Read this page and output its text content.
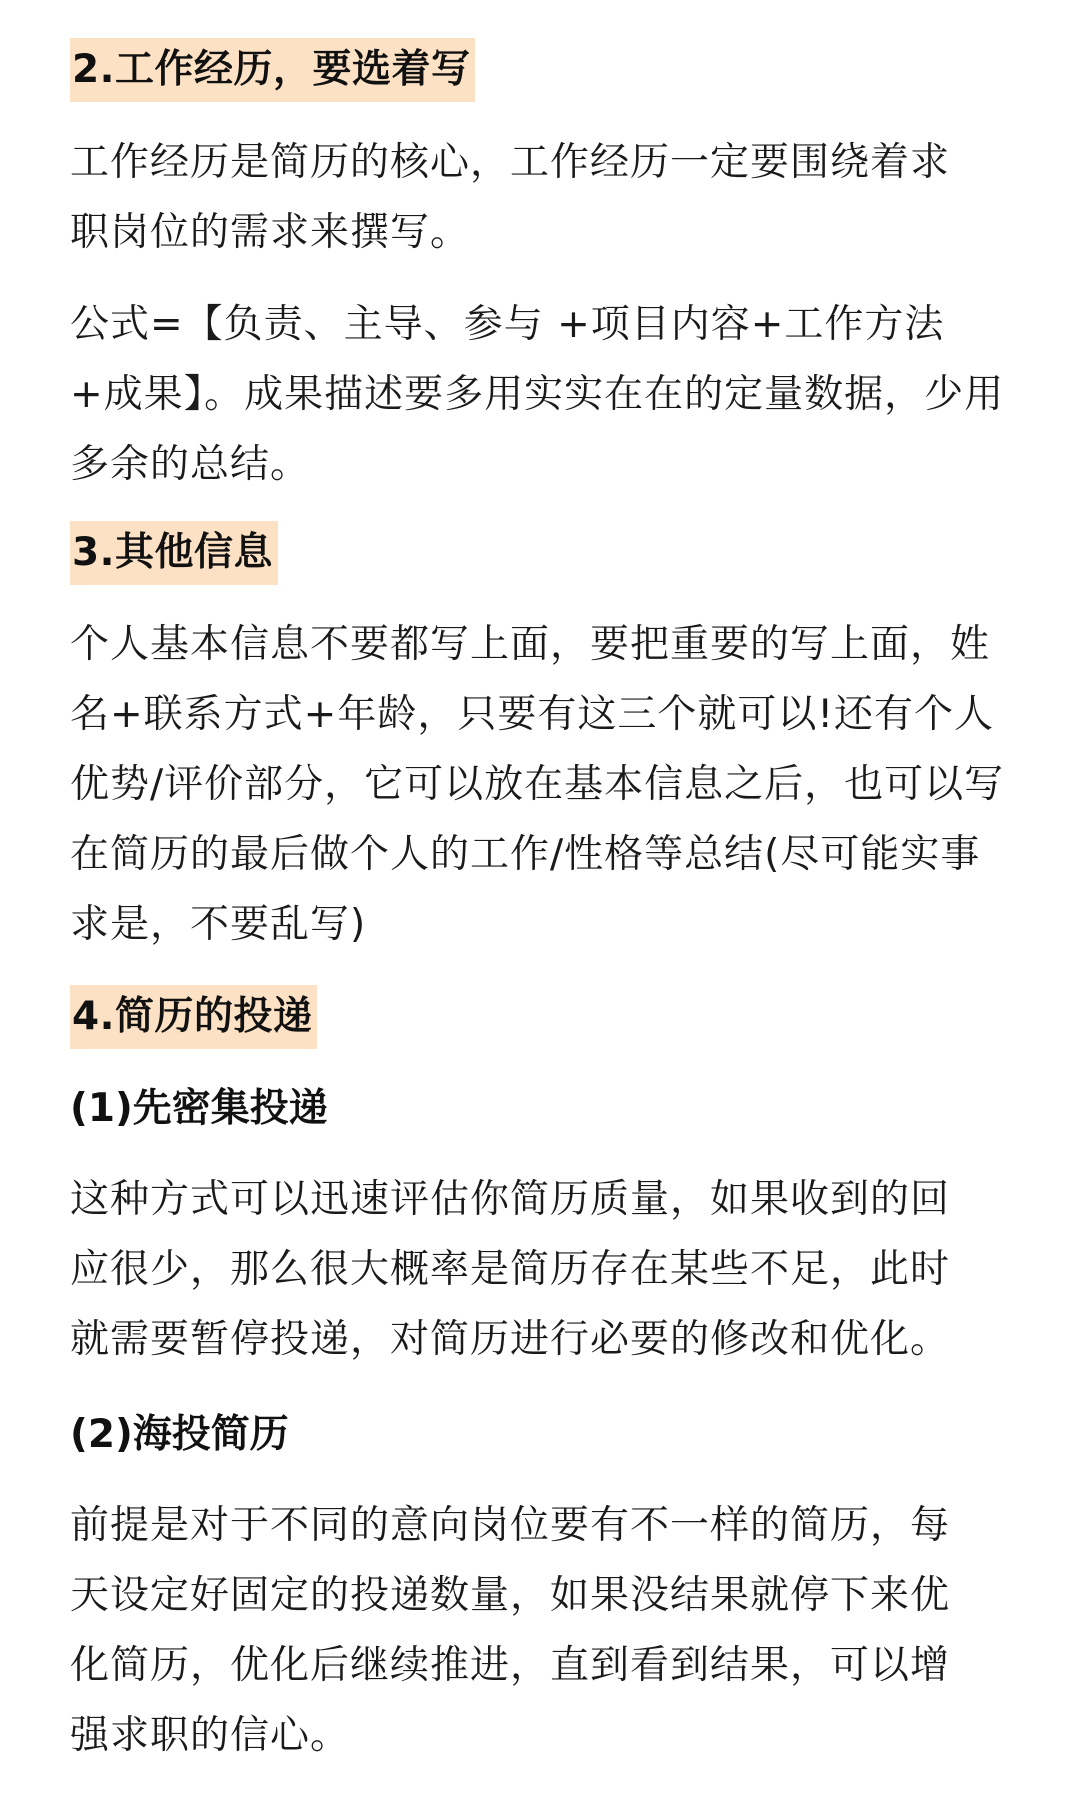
2.工作经历，要选着写

工作经历是简历的核心，工作经历一定要围绕着求职岗位的需求来撰写。

公式=【负责、主导、参与 +项目内容+工作方法+成果】。成果描述要多用实实在在的定量数据，少用多余的总结。

3.其他信息

个人基本信息不要都写上面，要把重要的写上面，姓名+联系方式+年龄，只要有这三个就可以!还有个人优势/评价部分，它可以放在基本信息之后，也可以写在简历的最后做个人的工作/性格等总结(尽可能实事求是，不要乱写)

4.简历的投递
(1)先密集投递

这种方式可以迅速评估你简历质量，如果收到的回应很少，那么很大概率是简历存在某些不足，此时就需要暂停投递，对简历进行必要的修改和优化。

(2)海投简历

前提是对于不同的意向岗位要有不一样的简历，每天设定好固定的投递数量，如果没结果就停下来优化简历，优化后继续推进，直到看到结果，可以增强求职的信心。
